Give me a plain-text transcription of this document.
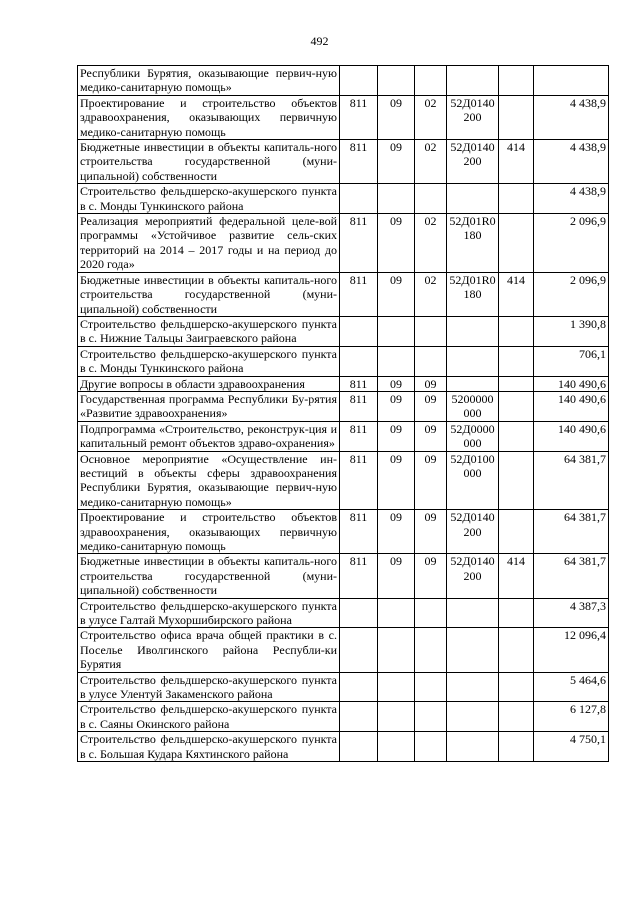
492
Республики Бурятия, оказывающие первич-ную медико-санитарную помощь»						
Проектирование и строительство объектов здравоохранения, оказывающих первичную медико-санитарную помощь	811	09	02	52Д0140 200		4 438,9
Бюджетные инвестиции в объекты капиталь-ного строительства государственной (муни-ципальной) собственности	811	09	02	52Д0140 200	414	4 438,9
Строительство фельдшерско-акушерского пункта в с. Монды Тункинского района						4 438,9
Реализация мероприятий федеральной целе-вой программы «Устойчивое развитие сель-ских территорий на 2014 – 2017 годы и на период до 2020 года»	811	09	02	52Д01R0 180		2 096,9
Бюджетные инвестиции в объекты капиталь-ного строительства государственной (муни-ципальной) собственности	811	09	02	52Д01R0 180	414	2 096,9
Строительство фельдшерско-акушерского пункта в с. Нижние Тальцы Заиграевского района						1 390,8
Строительство фельдшерско-акушерского пункта в с. Монды Тункинского района						706,1
Другие вопросы в области здравоохранения	811	09	09			140 490,6
Государственная программа Республики Бу-рятия «Развитие здравоохранения»	811	09	09	5200000 000		140 490,6
Подпрограмма «Строительство, реконструк-ция и капитальный ремонт объектов здраво-охранения»	811	09	09	52Д0000 000		140 490,6
Основное мероприятие «Осуществление ин-вестиций в объекты сферы здравоохранения Республики Бурятия, оказывающие первич-ную медико-санитарную помощь»	811	09	09	52Д0100 000		64 381,7
Проектирование и строительство объектов здравоохранения, оказывающих первичную медико-санитарную помощь	811	09	09	52Д0140 200		64 381,7
Бюджетные инвестиции в объекты капиталь-ного строительства государственной (муни-ципальной) собственности	811	09	09	52Д0140 200	414	64 381,7
Строительство фельдшерско-акушерского пункта в улусе Галтай Мухоршибирского района						4 387,3
Строительство офиса врача общей практики в с. Поселье Иволгинского района Республи-ки Бурятия						12 096,4
Строительство фельдшерско-акушерского пункта в улусе Улентуй Закаменского района						5 464,6
Строительство фельдшерско-акушерского пункта в с. Саяны Окинского района						6 127,8
Строительство фельдшерско-акушерского пункта в с. Большая Кудара Кяхтинского района						4 750,1
